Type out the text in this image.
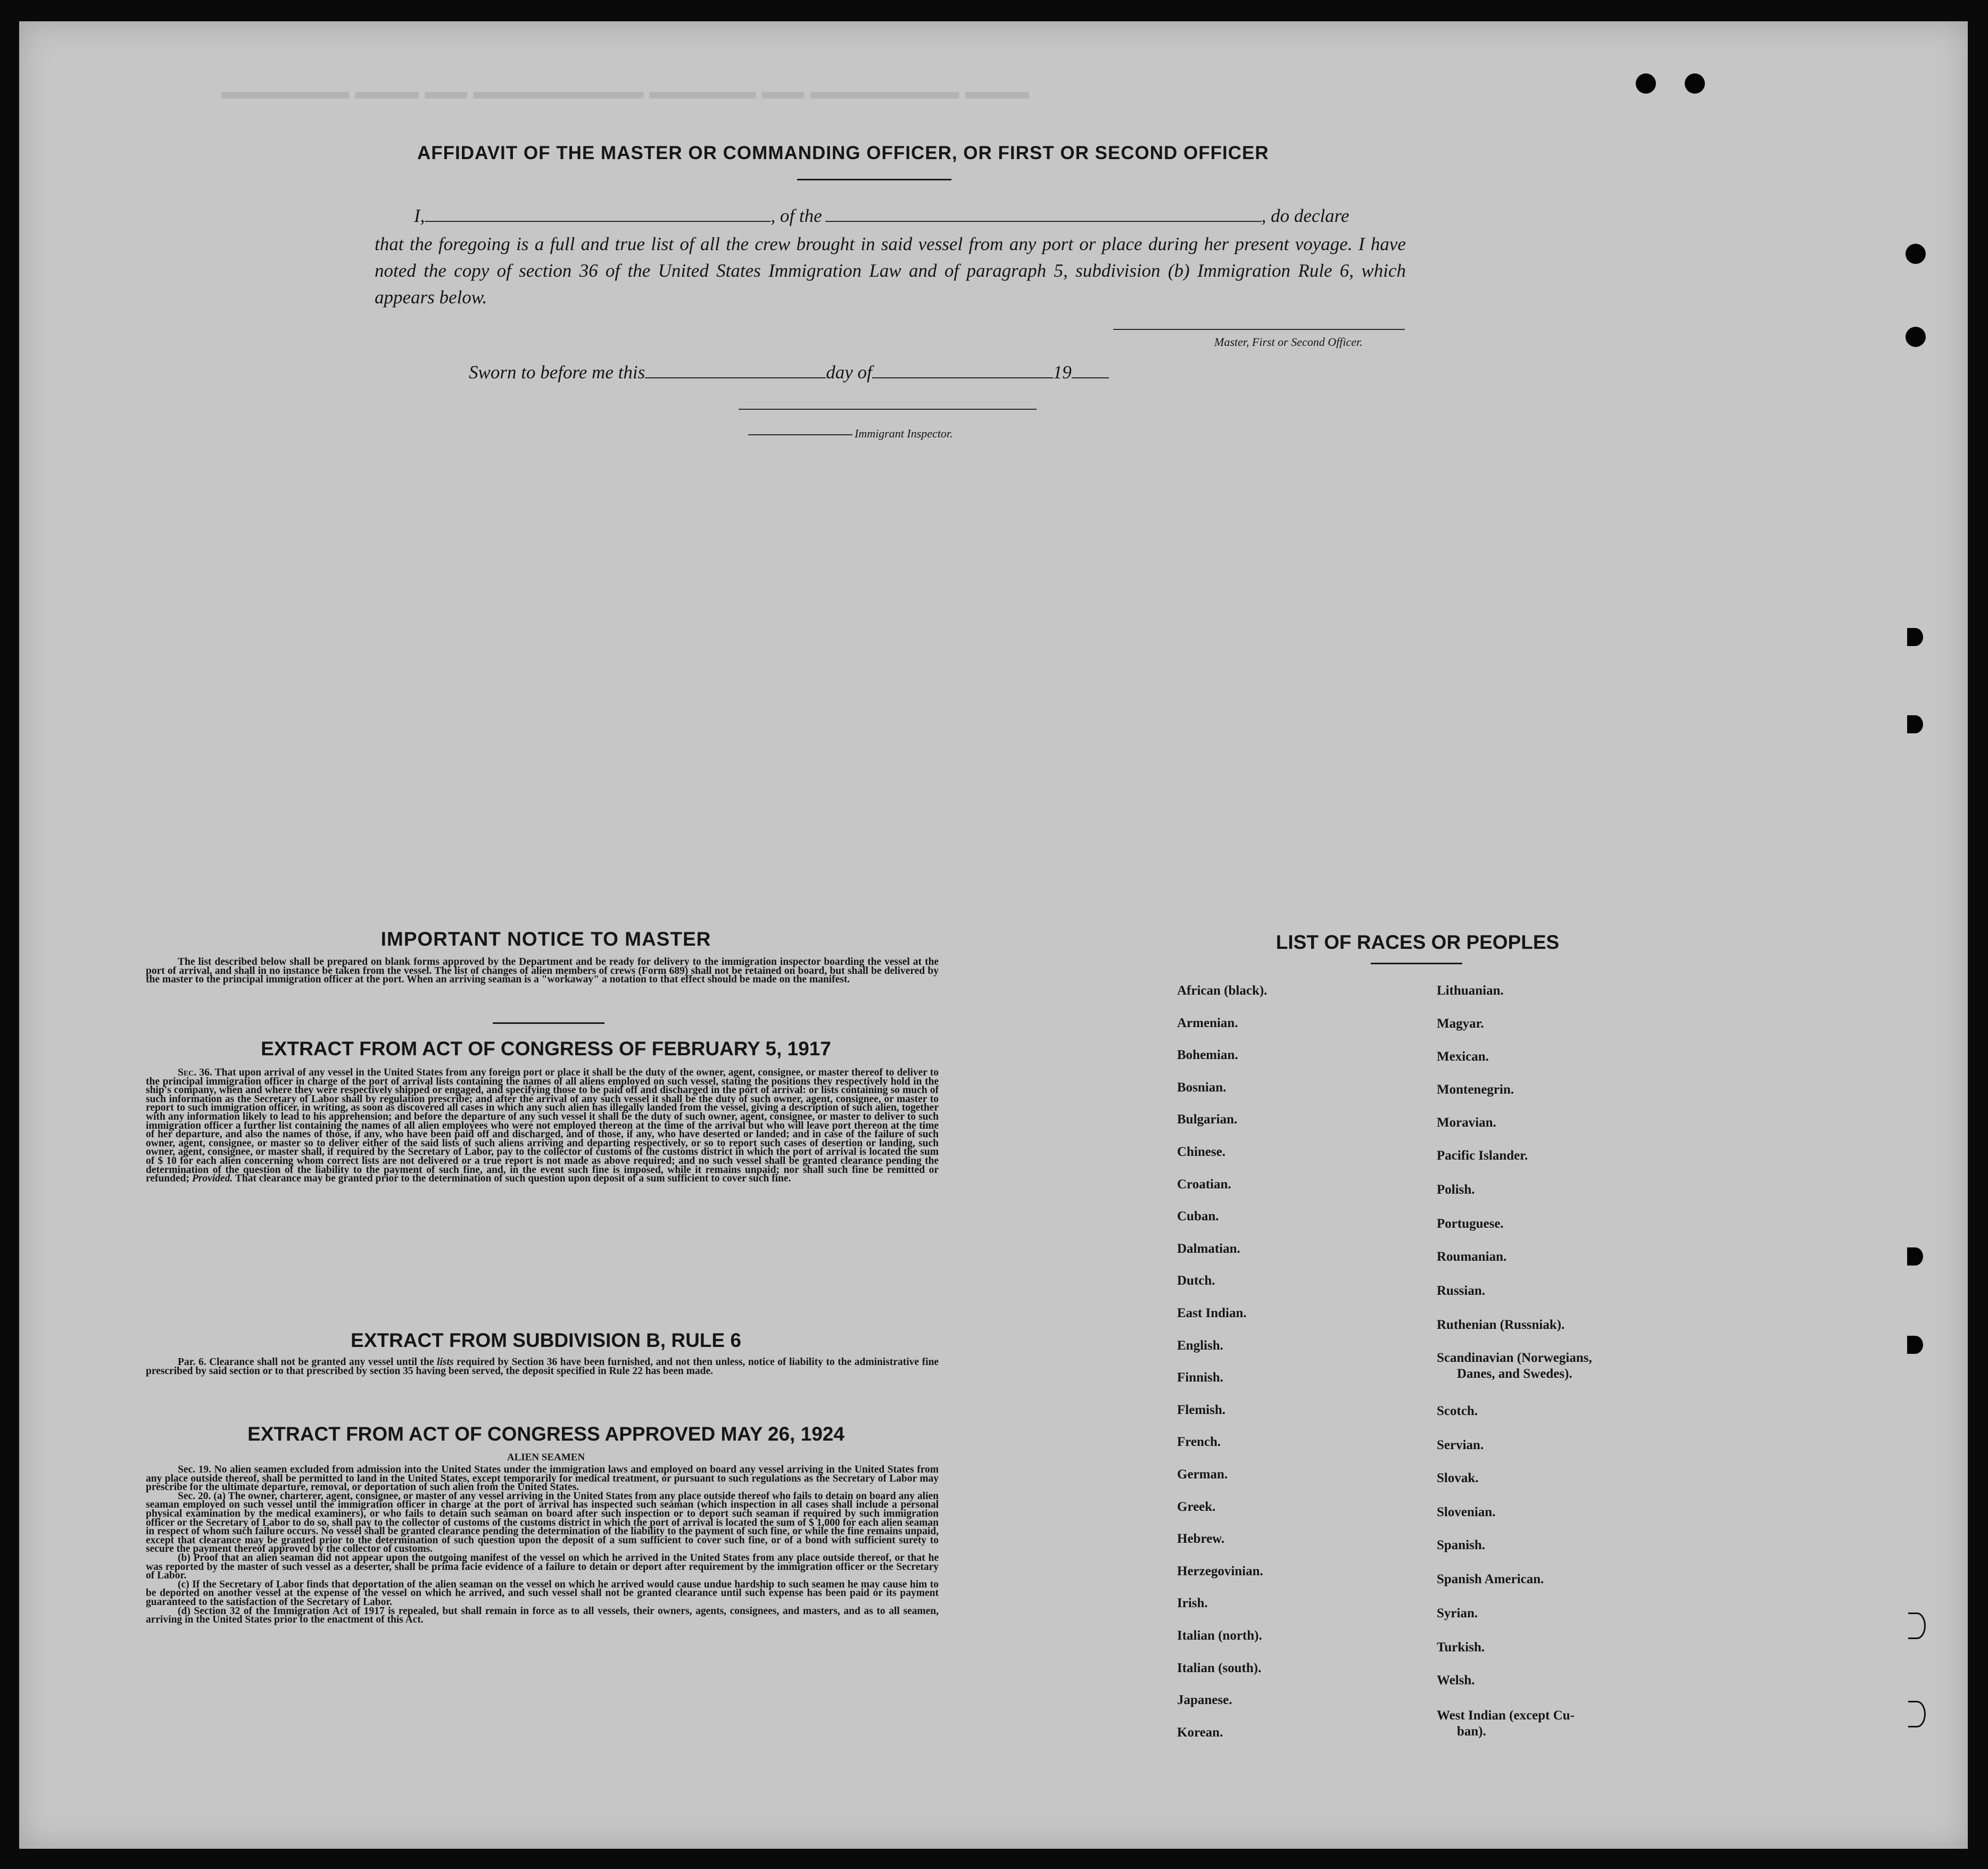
▬▬▬ ▬▬▬▬▬▬▬ ▬▬ ▬▬▬▬▬ ▬▬▬▬▬▬▬▬ ▬▬ ▬▬▬ ▬▬▬▬▬▬
AFFIDAVIT OF THE MASTER OR COMMANDING OFFICER, OR FIRST OR SECOND OFFICER
I,	, of the	, do declare
that the foregoing is a full and true list of all the crew brought in said vessel from any port or place during her present voyage. I have noted the copy of section 36 of the United States Immigration Law and of paragraph 5, subdivision (b) Immigration Rule 6, which appears below.
Master, First or Second Officer.
Sworn to before me this	day of	19
Immigrant Inspector.
IMPORTANT NOTICE TO MASTER
The list described below shall be prepared on blank forms approved by the Department and be ready for delivery to the immigration inspector boarding the vessel at the port of arrival, and shall in no instance be taken from the vessel. The list of changes of alien members of crews (Form 689) shall not be retained on board, but shall be delivered by the master to the principal immigration officer at the port. When an arriving seaman is a "workaway" a notation to that effect should be made on the manifest.
EXTRACT FROM ACT OF CONGRESS OF FEBRUARY 5, 1917
Sec. 36. That upon arrival of any vessel in the United States from any foreign port or place it shall be the duty of the owner, agent, consignee, or master thereof to deliver to the principal immigration officer in charge of the port of arrival lists containing the names of all aliens employed on such vessel, stating the positions they respectively hold in the ship's company, when and where they were respectively shipped or engaged, and specifying those to be paid off and discharged in the port of arrival: or lists containing so much of such information as the Secretary of Labor shall by regulation prescribe; and after the arrival of any such vessel it shall be the duty of such owner, agent, consignee, or master to report to such immigration officer, in writing, as soon as discovered all cases in which any such alien has illegally landed from the vessel, giving a description of such alien, together with any information likely to lead to his apprehension; and before the departure of any such vessel it shall be the duty of such owner, agent, consignee, or master to deliver to such immigration officer a further list containing the names of all alien employees who were not employed thereon at the time of the arrival but who will leave port thereon at the time of her departure, and also the names of those, if any, who have been paid off and discharged, and of those, if any, who have deserted or landed; and in case of the failure of such owner, agent, consignee, or master so to deliver either of the said lists of such aliens arriving and departing respectively, or so to report such cases of desertion or landing, such owner, agent, consignee, or master shall, if required by the Secretary of Labor, pay to the collector of customs of the customs district in which the port of arrival is located the sum of $ 10 for each alien concerning whom correct lists are not delivered or a true report is not made as above required; and no such vessel shall be granted clearance pending the determination of the question of the liability to the payment of such fine, and, in the event such fine is imposed, while it remains unpaid; nor shall such fine be remitted or refunded; Provided. That clearance may be granted prior to the determination of such question upon deposit of a sum sufficient to cover such fine.
EXTRACT FROM SUBDIVISION B, RULE 6
Par. 6. Clearance shall not be granted any vessel until the lists required by Section 36 have been furnished, and not then unless, notice of liability to the administrative fine prescribed by said section or to that prescribed by section 35 having been served, the deposit specified in Rule 22 has been made.
EXTRACT FROM ACT OF CONGRESS APPROVED MAY 26, 1924
ALIEN SEAMEN
Sec. 19. No alien seamen excluded from admission into the United States under the immigration laws and employed on board any vessel arriving in the United States from any place outside thereof, shall be permitted to land in the United States, except temporarily for medical treatment, or pursuant to such regulations as the Secretary of Labor may prescribe for the ultimate departure, removal, or deportation of such alien from the United States.
Sec. 20. (a) The owner, charterer, agent, consignee, or master of any vessel arriving in the United States from any place outside thereof who fails to detain on board any alien seaman employed on such vessel until the immigration officer in charge at the port of arrival has inspected such seaman (which inspection in all cases shall include a personal physical examination by the medical examiners), or who fails to detain such seaman on board after such inspection or to deport such seaman if required by such immigration officer or the Secretary of Labor to do so, shall pay to the collector of customs of the customs district in which the port of arrival is located the sum of $ 1,000 for each alien seaman in respect of whom such failure occurs. No vessel shall be granted clearance pending the determination of the liability to the payment of such fine, or while the fine remains unpaid, except that clearance may be granted prior to the determination of such question upon the deposit of a sum sufficient to cover such fine, or of a bond with sufficient surety to secure the payment thereof approved by the collector of customs.
(b) Proof that an alien seaman did not appear upon the outgoing manifest of the vessel on which he arrived in the United States from any place outside thereof, or that he was reported by the master of such vessel as a deserter, shall be prima facie evidence of a failure to detain or deport after requirement by the immigration officer or the Secretary of Labor.
(c) If the Secretary of Labor finds that deportation of the alien seaman on the vessel on which he arrived would cause undue hardship to such seamen he may cause him to be deported on another vessel at the expense of the vessel on which he arrived, and such vessel shall not be granted clearance until such expense has been paid or its payment guaranteed to the satisfaction of the Secretary of Labor.
(d) Section 32 of the Immigration Act of 1917 is repealed, but shall remain in force as to all vessels, their owners, agents, consignees, and masters, and as to all seamen, arriving in the United States prior to the enactment of this Act.
LIST OF RACES OR PEOPLES
African (black).
Armenian.
Bohemian.
Bosnian.
Bulgarian.
Chinese.
Croatian.
Cuban.
Dalmatian.
Dutch.
East Indian.
English.
Finnish.
Flemish.
French.
German.
Greek.
Hebrew.
Herzegovinian.
Irish.
Italian (north).
Italian (south).
Japanese.
Korean.
Lithuanian.
Magyar.
Mexican.
Montenegrin.
Moravian.
Pacific Islander.
Polish.
Portuguese.
Roumanian.
Russian.
Ruthenian (Russniak).
Scandinavian (Norwegians,
Danes, and Swedes).
Scotch.
Servian.
Slovak.
Slovenian.
Spanish.
Spanish American.
Syrian.
Turkish.
Welsh.
West Indian (except Cu-
ban).
